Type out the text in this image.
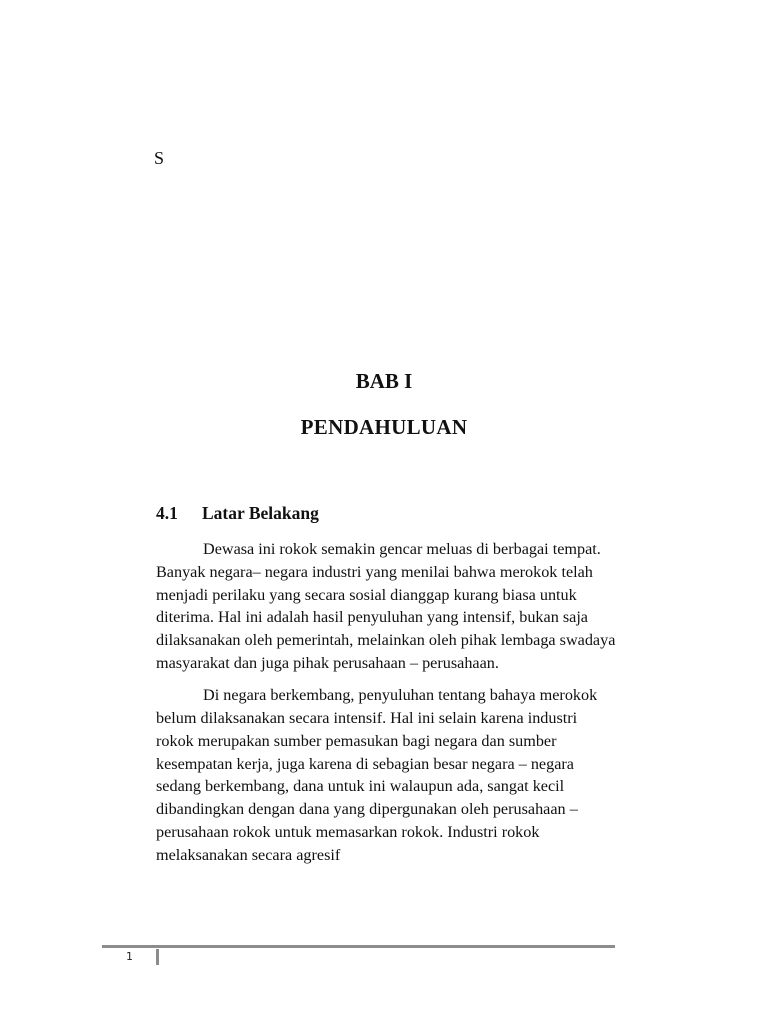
S
BAB I
PENDAHULUAN
4.1 Latar Belakang

Dewasa ini rokok semakin gencar meluas di berbagai tempat. Banyak negara– negara industri yang menilai bahwa merokok telah menjadi perilaku yang secara sosial dianggap kurang biasa untuk diterima. Hal ini adalah hasil penyuluhan yang intensif, bukan saja dilaksanakan oleh pemerintah, melainkan oleh pihak lembaga swadaya masyarakat dan juga pihak perusahaan – perusahaan.

Di negara berkembang, penyuluhan tentang bahaya merokok belum dilaksanakan secara intensif. Hal ini selain karena industri rokok merupakan sumber pemasukan bagi negara dan sumber kesempatan kerja, juga karena di sebagian besar negara – negara sedang berkembang, dana untuk ini walaupun ada, sangat kecil dibandingkan dengan dana yang dipergunakan oleh perusahaan – perusahaan rokok untuk memasarkan rokok. Industri rokok melaksanakan secara agresif

1
